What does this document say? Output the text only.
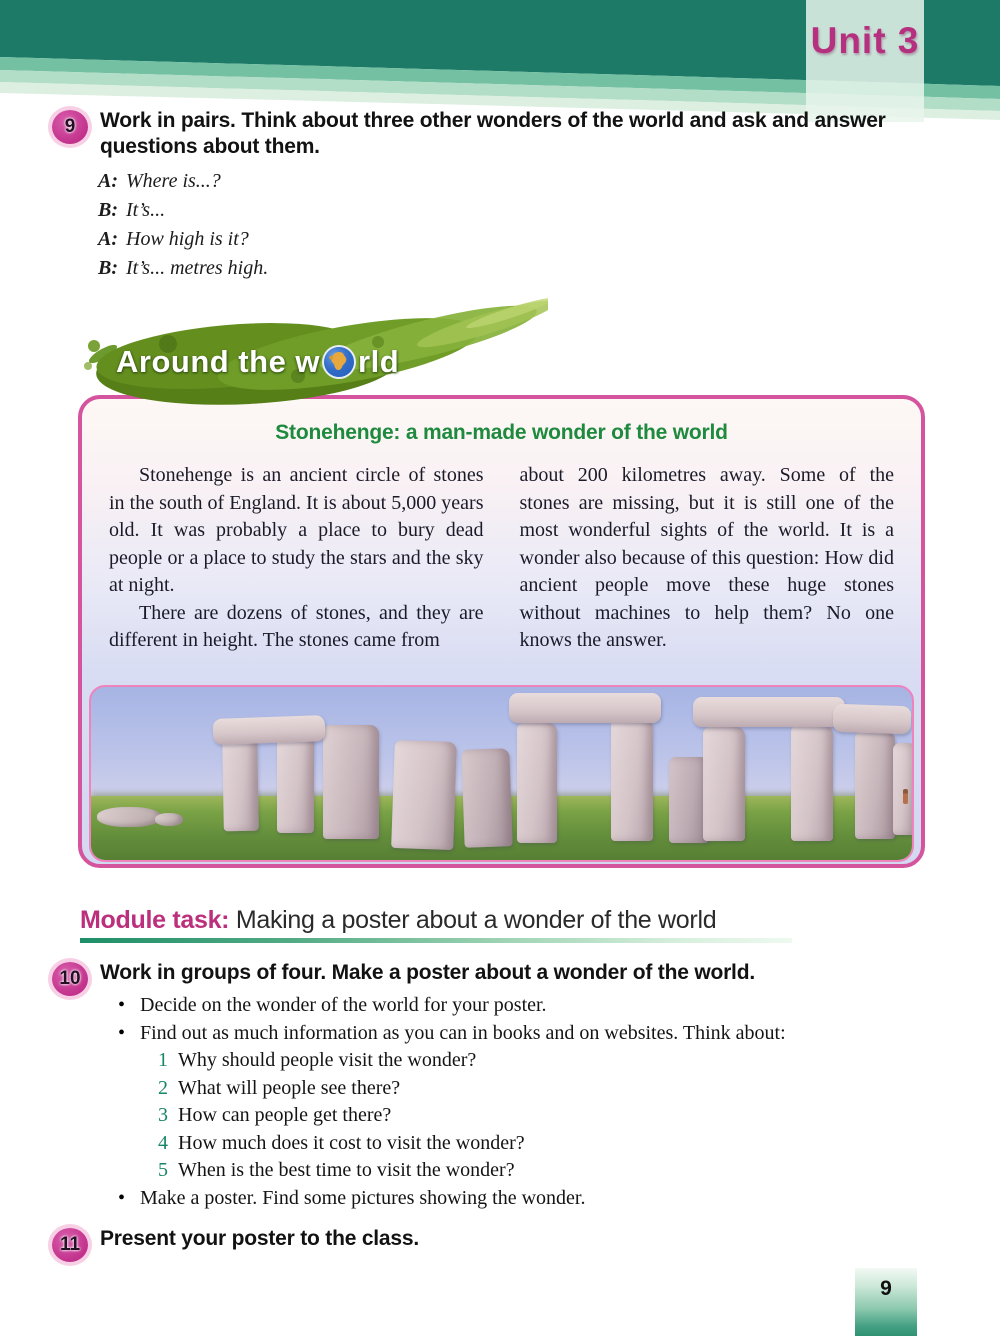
Unit 3
9	Work in pairs. Think about three other wonders of the world and ask and answer questions about them.
A: Where is...?
B: It’s...
A: How high is it?
B: It’s... metres high.
Around the w rld
Stonehenge: a man-made wonder of the world

Stonehenge is an ancient circle of stones in the south of England. It is about 5,000 years old. It was probably a place to bury dead people or a place to study the stars and the sky at night.

There are dozens of stones, and they are different in height. The stones came from

about 200 kilometres away. Some of the stones are missing, but it is still one of the most wonderful sights of the world. It is a wonder also because of this question: How did ancient people move these huge stones without machines to help them? No one knows the answer.

Module task: Making a poster about a wonder of the world
10 Work in groups of four. Make a poster about a wonder of the world.
• Decide on the wonder of the world for your poster.
• Find out as much information as you can in books and on websites. Think about:
1 Why should people visit the wonder?
2 What will people see there?
3 How can people get there?
4 How much does it cost to visit the wonder?
5 When is the best time to visit the wonder?
• Make a poster. Find some pictures showing the wonder.
11 Present your poster to the class.
9
